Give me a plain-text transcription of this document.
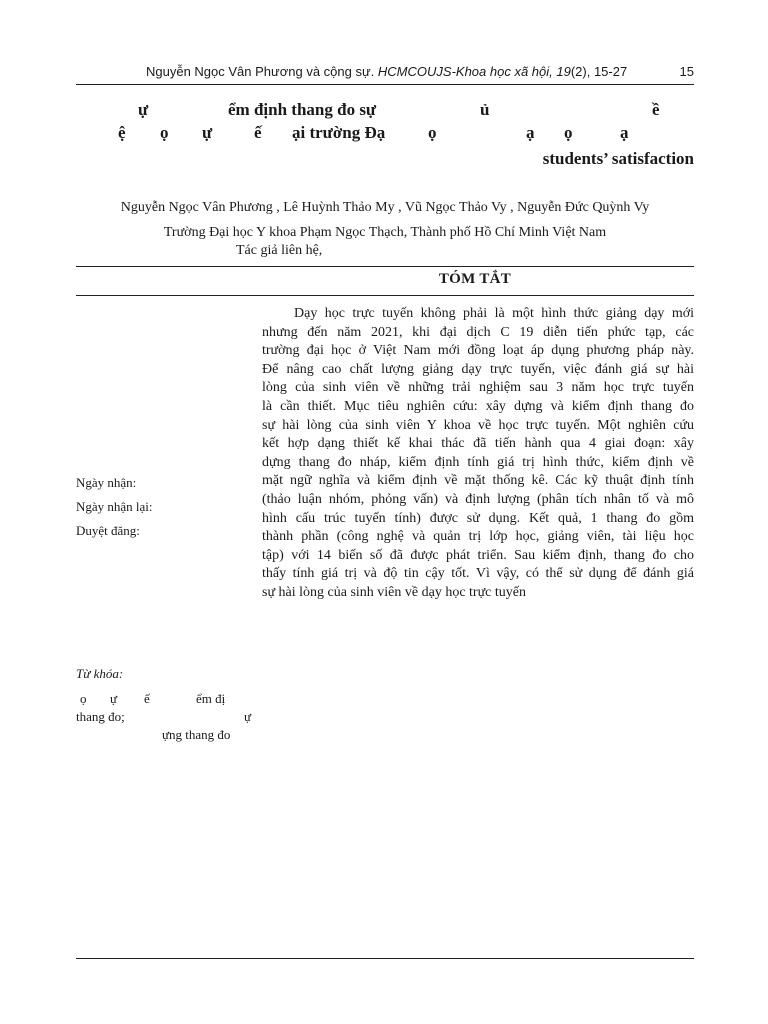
Nguyễn Ngọc Vân Phương và cộng sự. HCMCOUJS-Khoa học xã hội, 19(2), 15-27	15
ự	ểm định thang đo sự	ủ	ề
ệ ọ ự ế ại trường Đạ	ọ	ạ ọ	ạ
students’ satisfaction
Nguyễn Ngọc Vân Phương , Lê Huỳnh Thảo My , Vũ Ngọc Thảo Vy , Nguyễn Đức Quỳnh Vy
Trường Đại học Y khoa Phạm Ngọc Thạch, Thành phố Hồ Chí Minh Việt Nam
Tác giả liên hệ,
TÓM TẮT
Dạy học trực tuyến không phải là một hình thức giảng dạy mới
nhưng đến năm 2021, khi đại dịch C 19 diễn tiến phức tạp, các
trường đại học ở Việt Nam mới đồng loạt áp dụng phương pháp này.
Để nâng cao chất lượng giảng dạy trực tuyến, việc đánh giá sự hài
lòng của sinh viên về những trải nghiệm sau 3 năm học trực tuyến
là cần thiết. Mục tiêu nghiên cứu: xây dựng và kiểm định thang đo
sự hài lòng của sinh viên Y khoa về học trực tuyến. Một nghiên cứu
kết hợp dạng thiết kế khai thác đã tiến hành qua 4 giai đoạn: xây
dựng thang đo nháp, kiểm định tính giá trị hình thức, kiểm định về
mặt ngữ nghĩa và kiểm định về mặt thống kê. Các kỹ thuật định tính
(thảo luận nhóm, phỏng vấn) và định lượng (phân tích nhân tố và mô
hình cấu trúc tuyến tính) được sử dụng. Kết quả, 1 thang đo gồm
thành phần (công nghệ và quản trị lớp học, giảng viên, tài liệu học
tập) với 14 biến số đã được phát triển. Sau kiểm định, thang đo cho
thấy tính giá trị và độ tin cậy tốt. Vì vậy, có thể sử dụng để đánh giá
sự hài lòng của sinh viên về dạy học trực tuyến
Ngày nhận:
Ngày nhận lại:
Duyệt đăng:
Từ khóa:
ọ ự ế	ểm đị
thang đo;	ự
ựng thang đo
